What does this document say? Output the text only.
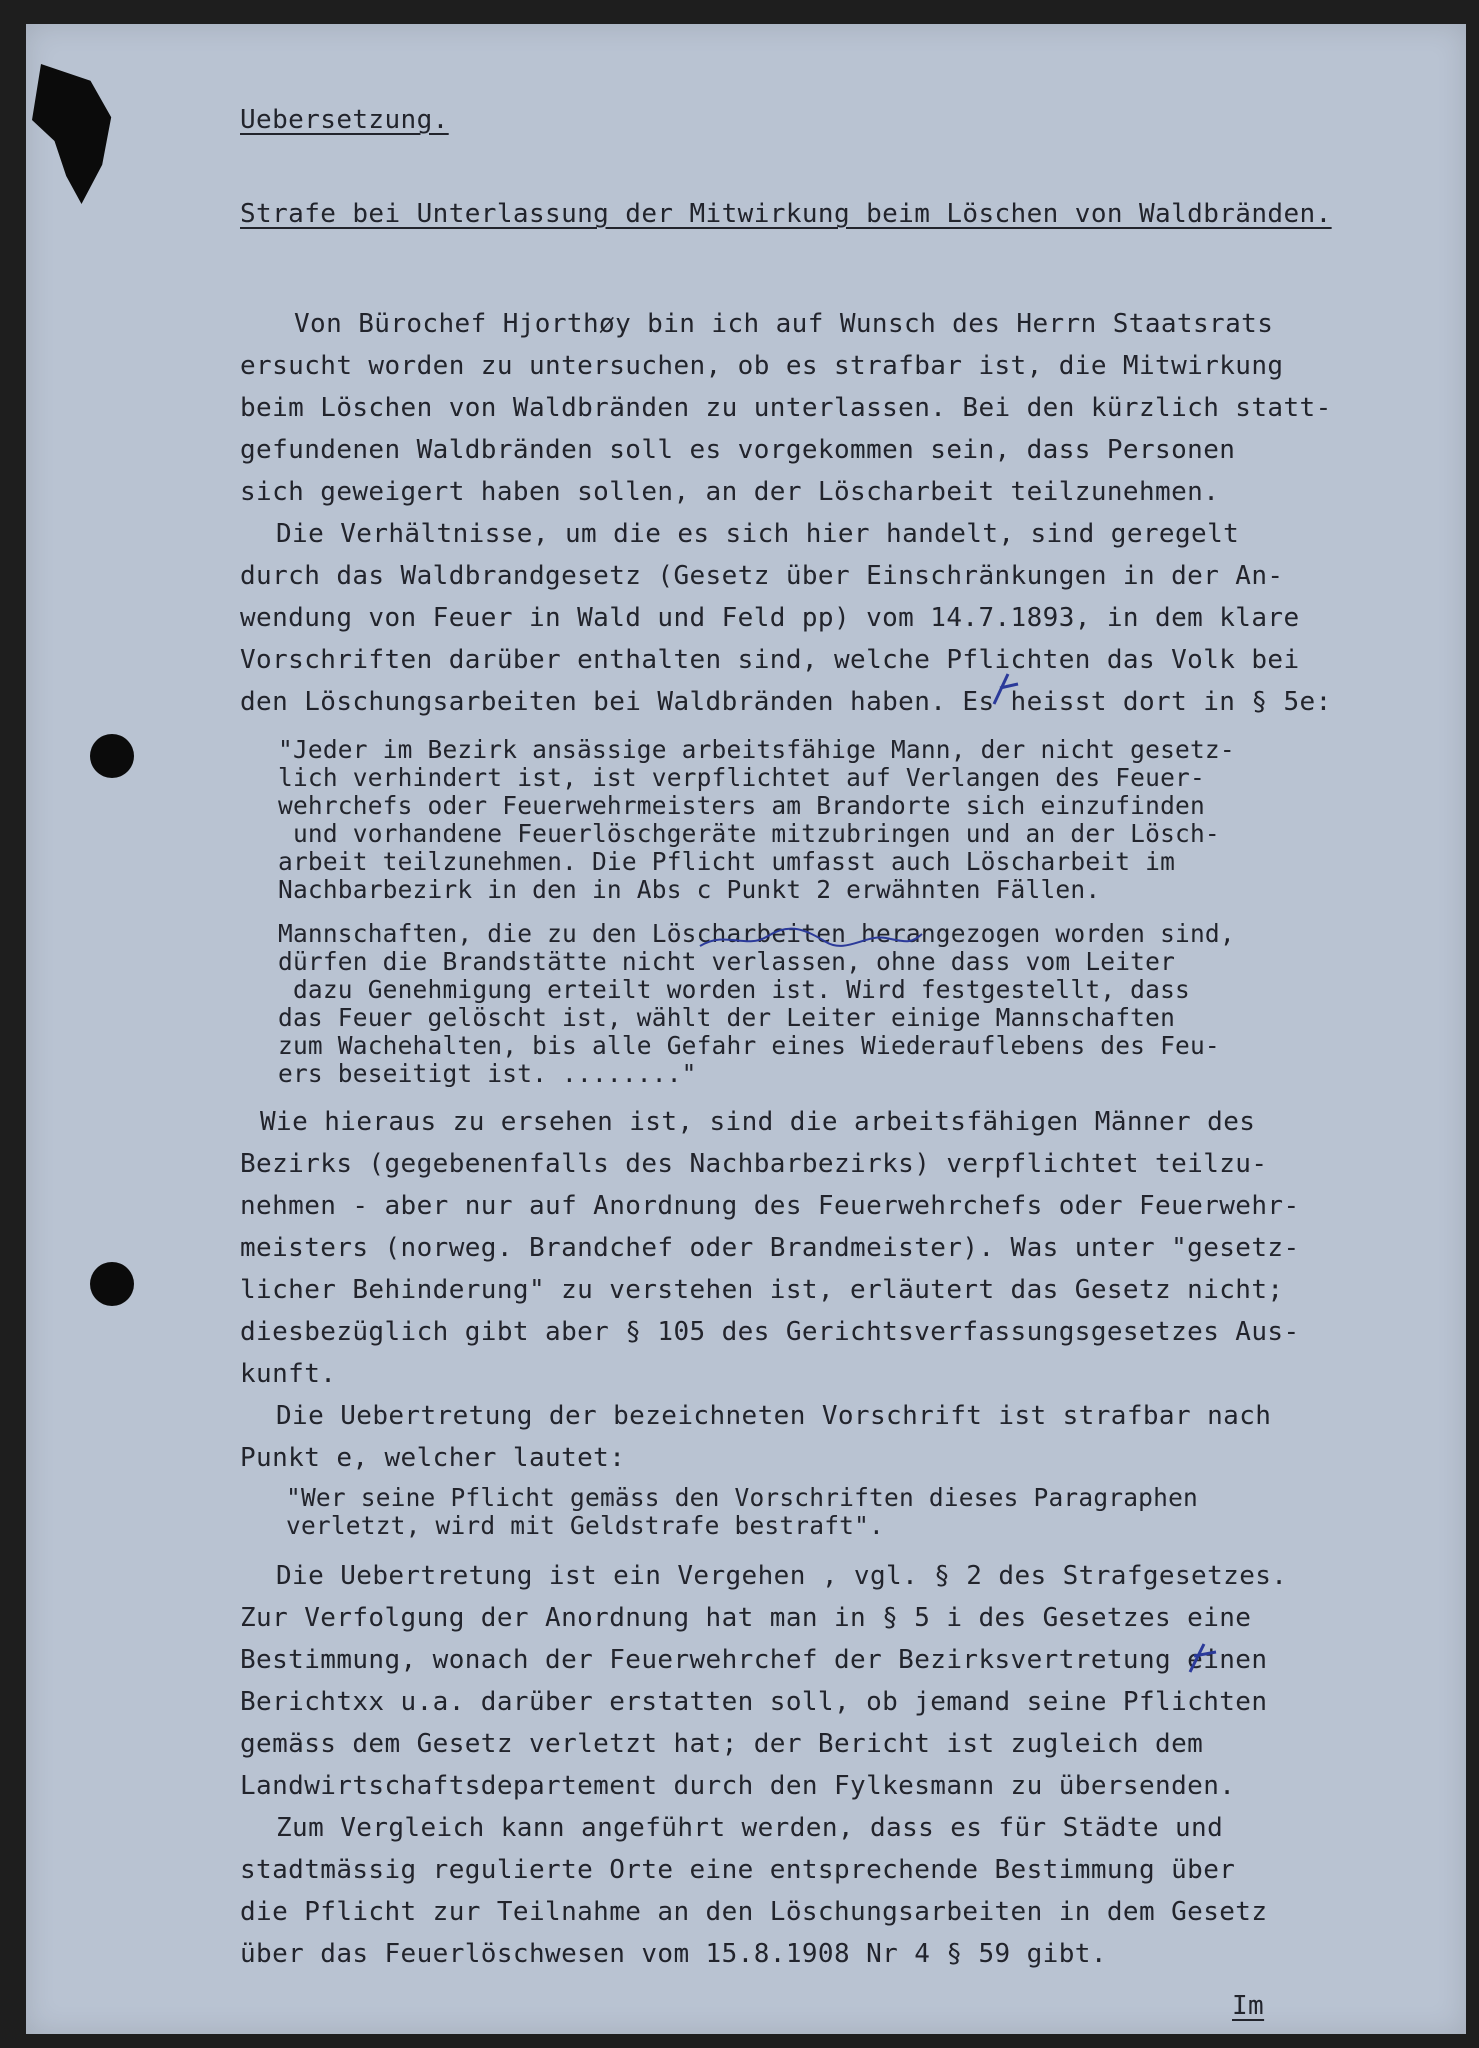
Uebersetzung.
Strafe bei Unterlassung der Mitwirkung beim Löschen von Waldbränden.
Von Bürochef Hjorthøy bin ich auf Wunsch des Herrn Staatsrats
ersucht worden zu untersuchen, ob es strafbar ist, die Mitwirkung
beim Löschen von Waldbränden zu unterlassen. Bei den kürzlich statt-
gefundenen Waldbränden soll es vorgekommen sein, dass Personen
sich geweigert haben sollen, an der Löscharbeit teilzunehmen.
Die Verhältnisse, um die es sich hier handelt, sind geregelt
durch das Waldbrandgesetz (Gesetz über Einschränkungen in der An-
wendung von Feuer in Wald und Feld pp) vom 14.7.1893, in dem klare
Vorschriften darüber enthalten sind, welche Pflichten das Volk bei
den Löschungsarbeiten bei Waldbränden haben. Es heisst dort in § 5e:
"Jeder im Bezirk ansässige arbeitsfähige Mann, der nicht gesetz-
lich verhindert ist, ist verpflichtet auf Verlangen des Feuer-
wehrchefs oder Feuerwehrmeisters am Brandorte sich einzufinden
und vorhandene Feuerlöschgeräte mitzubringen und an der Lösch-
arbeit teilzunehmen. Die Pflicht umfasst auch Löscharbeit im
Nachbarbezirk in den in Abs c Punkt 2 erwähnten Fällen.
Mannschaften, die zu den Löscharbeiten herangezogen worden sind,
dürfen die Brandstätte nicht verlassen, ohne dass vom Leiter
dazu Genehmigung erteilt worden ist. Wird festgestellt, dass
das Feuer gelöscht ist, wählt der Leiter einige Mannschaften
zum Wachehalten, bis alle Gefahr eines Wiederauflebens des Feu-
ers beseitigt ist. ........"
Wie hieraus zu ersehen ist, sind die arbeitsfähigen Männer des
Bezirks (gegebenenfalls des Nachbarbezirks) verpflichtet teilzu-
nehmen - aber nur auf Anordnung des Feuerwehrchefs oder Feuerwehr-
meisters (norweg. Brandchef oder Brandmeister). Was unter "gesetz-
licher Behinderung" zu verstehen ist, erläutert das Gesetz nicht;
diesbezüglich gibt aber § 105 des Gerichtsverfassungsgesetzes Aus-
kunft.
Die Uebertretung der bezeichneten Vorschrift ist strafbar nach
Punkt e, welcher lautet:
"Wer seine Pflicht gemäss den Vorschriften dieses Paragraphen
verletzt, wird mit Geldstrafe bestraft".
Die Uebertretung ist ein Vergehen , vgl. § 2 des Strafgesetzes.
Zur Verfolgung der Anordnung hat man in § 5 i des Gesetzes eine
Bestimmung, wonach der Feuerwehrchef der Bezirksvertretung einen
Berichtxx u.a. darüber erstatten soll, ob jemand seine Pflichten
gemäss dem Gesetz verletzt hat; der Bericht ist zugleich dem
Landwirtschaftsdepartement durch den Fylkesmann zu übersenden.
Zum Vergleich kann angeführt werden, dass es für Städte und
stadtmässig regulierte Orte eine entsprechende Bestimmung über
die Pflicht zur Teilnahme an den Löschungsarbeiten in dem Gesetz
über das Feuerlöschwesen vom 15.8.1908 Nr 4 § 59 gibt.
Im
